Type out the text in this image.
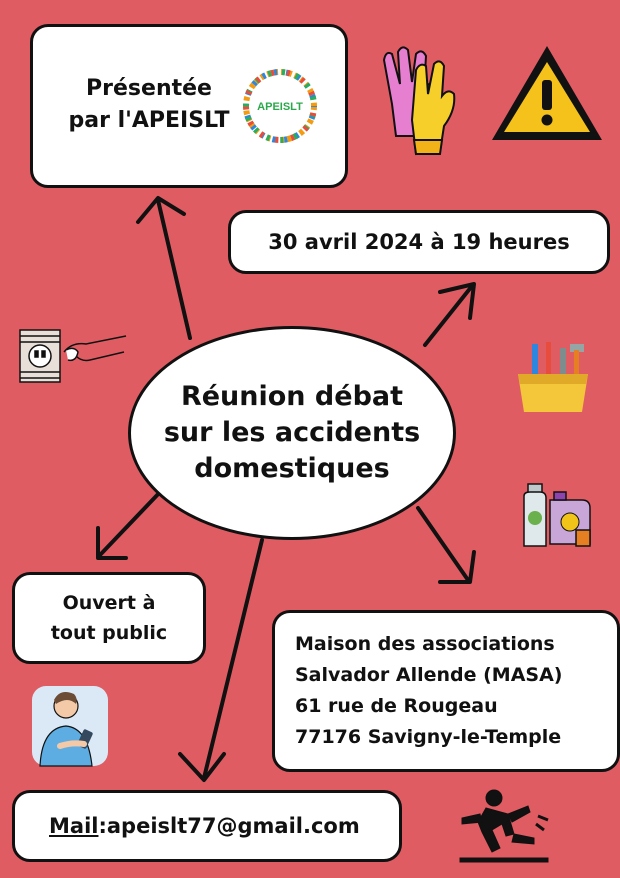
Présentée
par l'APEISLT
APEISLT
30 avril 2024 à 19 heures
Réunion débat
sur les accidents
domestiques
Ouvert à
tout public	Maison des associations
Salvador Allende (MASA)
61 rue de Rougeau
77176 Savigny-le-Temple
Mail : apeislt77@gmail.com
